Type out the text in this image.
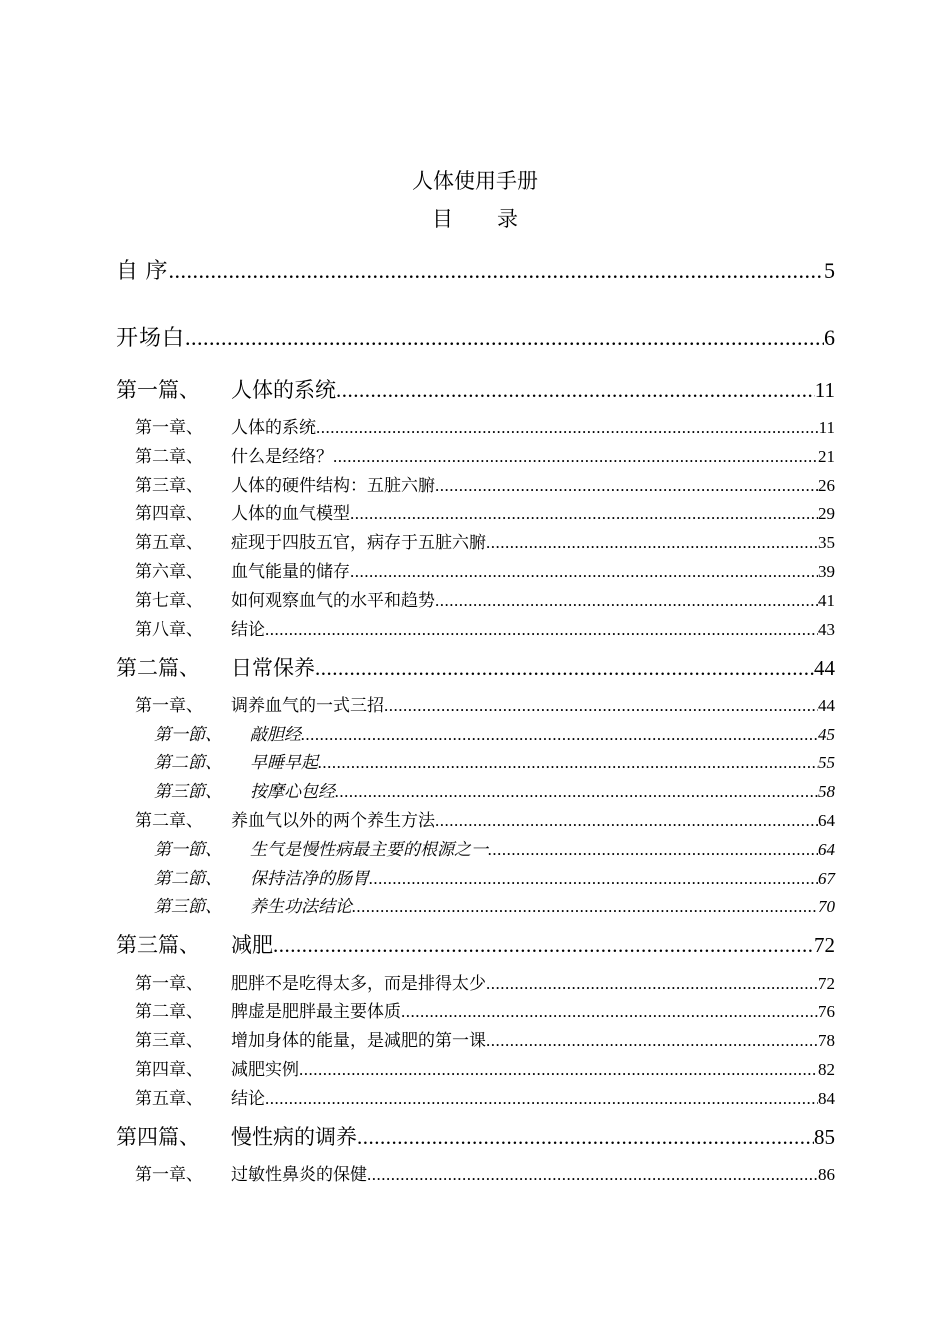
人体使用手册
目 录
自 序 .....	5
开场白 .....	6
第一篇、	人体的系统 .....	11
第一章、	人体的系统 .....	11
第二章、	什么是经络？ .....	21
第三章、	人体的硬件结构：五脏六腑 .....	26
第四章、	人体的血气模型 .....	29
第五章、	症现于四肢五官，病存于五脏六腑 .....	35
第六章、	血气能量的储存 .....	39
第七章、	如何观察血气的水平和趋势 .....	41
第八章、	结论 .....	43
第二篇、	日常保养 .....	44
第一章、	调养血气的一式三招 .....	44
第一節、	敲胆经 .....	45
第二節、	早睡早起 .....	55
第三節、	按摩心包经 .....	58
第二章、	养血气以外的两个养生方法 .....	64
第一節、	生气是慢性病最主要的根源之一 .....	64
第二節、	保持洁净的肠胃 .....	67
第三節、	养生功法结论 .....	70
第三篇、	减肥 .....	72
第一章、	肥胖不是吃得太多，而是排得太少 .....	72
第二章、	脾虚是肥胖最主要体质 .....	76
第三章、	增加身体的能量，是减肥的第一课 .....	78
第四章、	减肥实例 .....	82
第五章、	结论 .....	84
第四篇、	慢性病的调养 .....	85
第一章、	过敏性鼻炎的保健 .....	86
